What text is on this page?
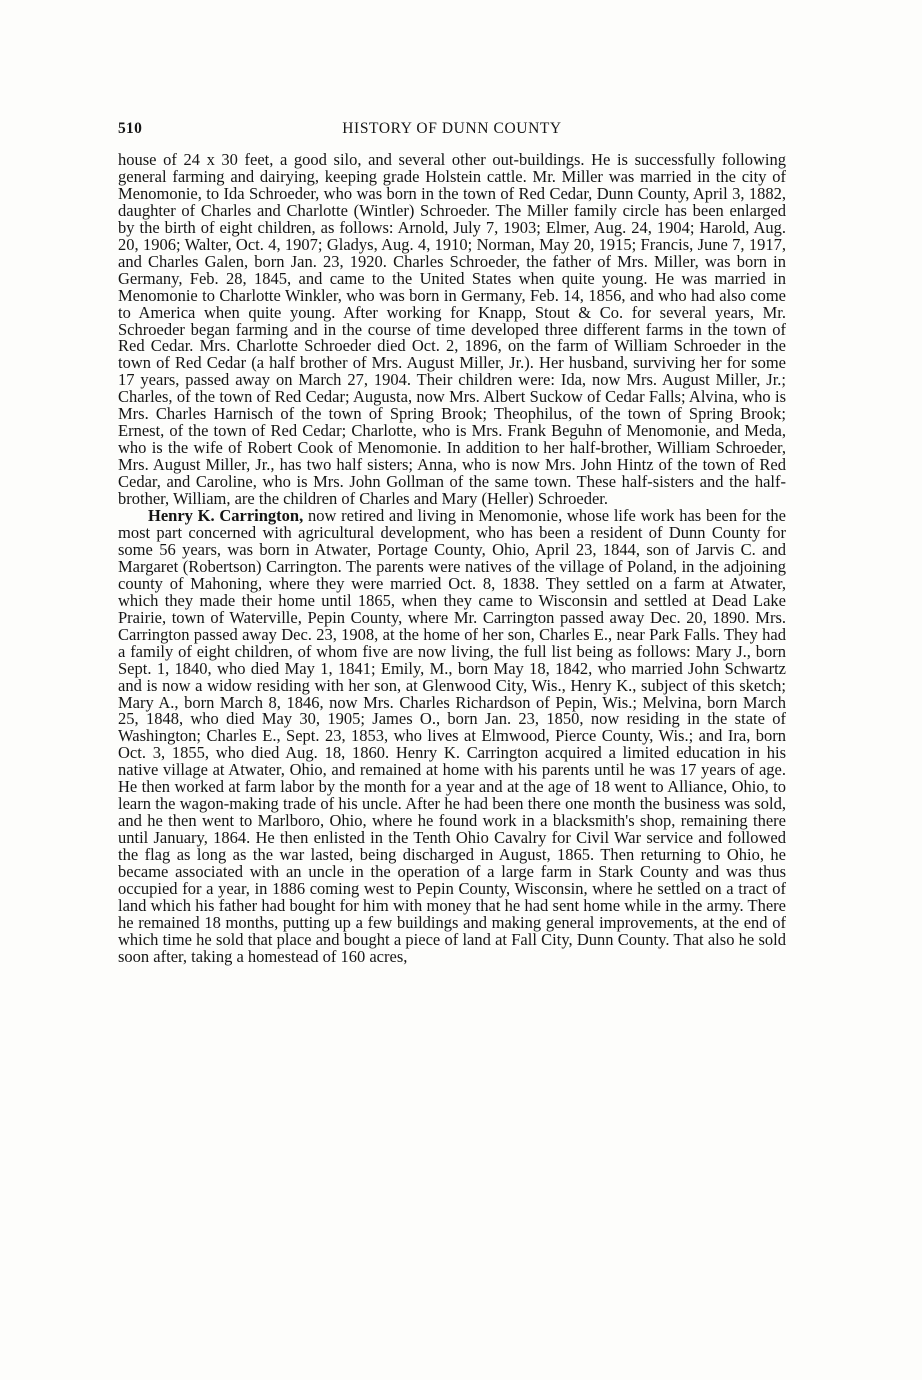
510	HISTORY OF DUNN COUNTY

house of 24 x 30 feet, a good silo, and several other out-buildings. He is successfully following general farming and dairying, keeping grade Holstein cattle. Mr. Miller was married in the city of Menomonie, to Ida Schroeder, who was born in the town of Red Cedar, Dunn County, April 3, 1882, daughter of Charles and Charlotte (Wintler) Schroeder. The Miller family circle has been enlarged by the birth of eight children, as follows: Arnold, July 7, 1903; Elmer, Aug. 24, 1904; Harold, Aug. 20, 1906; Walter, Oct. 4, 1907; Gladys, Aug. 4, 1910; Norman, May 20, 1915; Francis, June 7, 1917, and Charles Galen, born Jan. 23, 1920. Charles Schroeder, the father of Mrs. Miller, was born in Germany, Feb. 28, 1845, and came to the United States when quite young. He was married in Menomonie to Charlotte Winkler, who was born in Germany, Feb. 14, 1856, and who had also come to America when quite young. After working for Knapp, Stout & Co. for several years, Mr. Schroeder began farming and in the course of time developed three different farms in the town of Red Cedar. Mrs. Charlotte Schroeder died Oct. 2, 1896, on the farm of William Schroeder in the town of Red Cedar (a half brother of Mrs. August Miller, Jr.). Her husband, surviving her for some 17 years, passed away on March 27, 1904. Their children were: Ida, now Mrs. August Miller, Jr.; Charles, of the town of Red Cedar; Augusta, now Mrs. Albert Suckow of Cedar Falls; Alvina, who is Mrs. Charles Harnisch of the town of Spring Brook; Theophilus, of the town of Spring Brook; Ernest, of the town of Red Cedar; Charlotte, who is Mrs. Frank Beguhn of Menomonie, and Meda, who is the wife of Robert Cook of Menomonie. In addition to her half-brother, William Schroeder, Mrs. August Miller, Jr., has two half sisters; Anna, who is now Mrs. John Hintz of the town of Red Cedar, and Caroline, who is Mrs. John Gollman of the same town. These half-sisters and the half-brother, William, are the children of Charles and Mary (Heller) Schroeder.

Henry K. Carrington, now retired and living in Menomonie, whose life work has been for the most part concerned with agricultural development, who has been a resident of Dunn County for some 56 years, was born in Atwater, Portage County, Ohio, April 23, 1844, son of Jarvis C. and Margaret (Robertson) Carrington. The parents were natives of the village of Poland, in the adjoining county of Mahoning, where they were married Oct. 8, 1838. They settled on a farm at Atwater, which they made their home until 1865, when they came to Wisconsin and settled at Dead Lake Prairie, town of Waterville, Pepin County, where Mr. Carrington passed away Dec. 20, 1890. Mrs. Carrington passed away Dec. 23, 1908, at the home of her son, Charles E., near Park Falls. They had a family of eight children, of whom five are now living, the full list being as follows: Mary J., born Sept. 1, 1840, who died May 1, 1841; Emily, M., born May 18, 1842, who married John Schwartz and is now a widow residing with her son, at Glenwood City, Wis., Henry K., subject of this sketch; Mary A., born March 8, 1846, now Mrs. Charles Richardson of Pepin, Wis.; Melvina, born March 25, 1848, who died May 30, 1905; James O., born Jan. 23, 1850, now residing in the state of Washington; Charles E., Sept. 23, 1853, who lives at Elmwood, Pierce County, Wis.; and Ira, born Oct. 3, 1855, who died Aug. 18, 1860. Henry K. Carrington acquired a limited education in his native village at Atwater, Ohio, and remained at home with his parents until he was 17 years of age. He then worked at farm labor by the month for a year and at the age of 18 went to Alliance, Ohio, to learn the wagon-making trade of his uncle. After he had been there one month the business was sold, and he then went to Marlboro, Ohio, where he found work in a blacksmith's shop, remaining there until January, 1864. He then enlisted in the Tenth Ohio Cavalry for Civil War service and followed the flag as long as the war lasted, being discharged in August, 1865. Then returning to Ohio, he became associated with an uncle in the operation of a large farm in Stark County and was thus occupied for a year, in 1886 coming west to Pepin County, Wisconsin, where he settled on a tract of land which his father had bought for him with money that he had sent home while in the army. There he remained 18 months, putting up a few buildings and making general improvements, at the end of which time he sold that place and bought a piece of land at Fall City, Dunn County. That also he sold soon after, taking a homestead of 160 acres,
